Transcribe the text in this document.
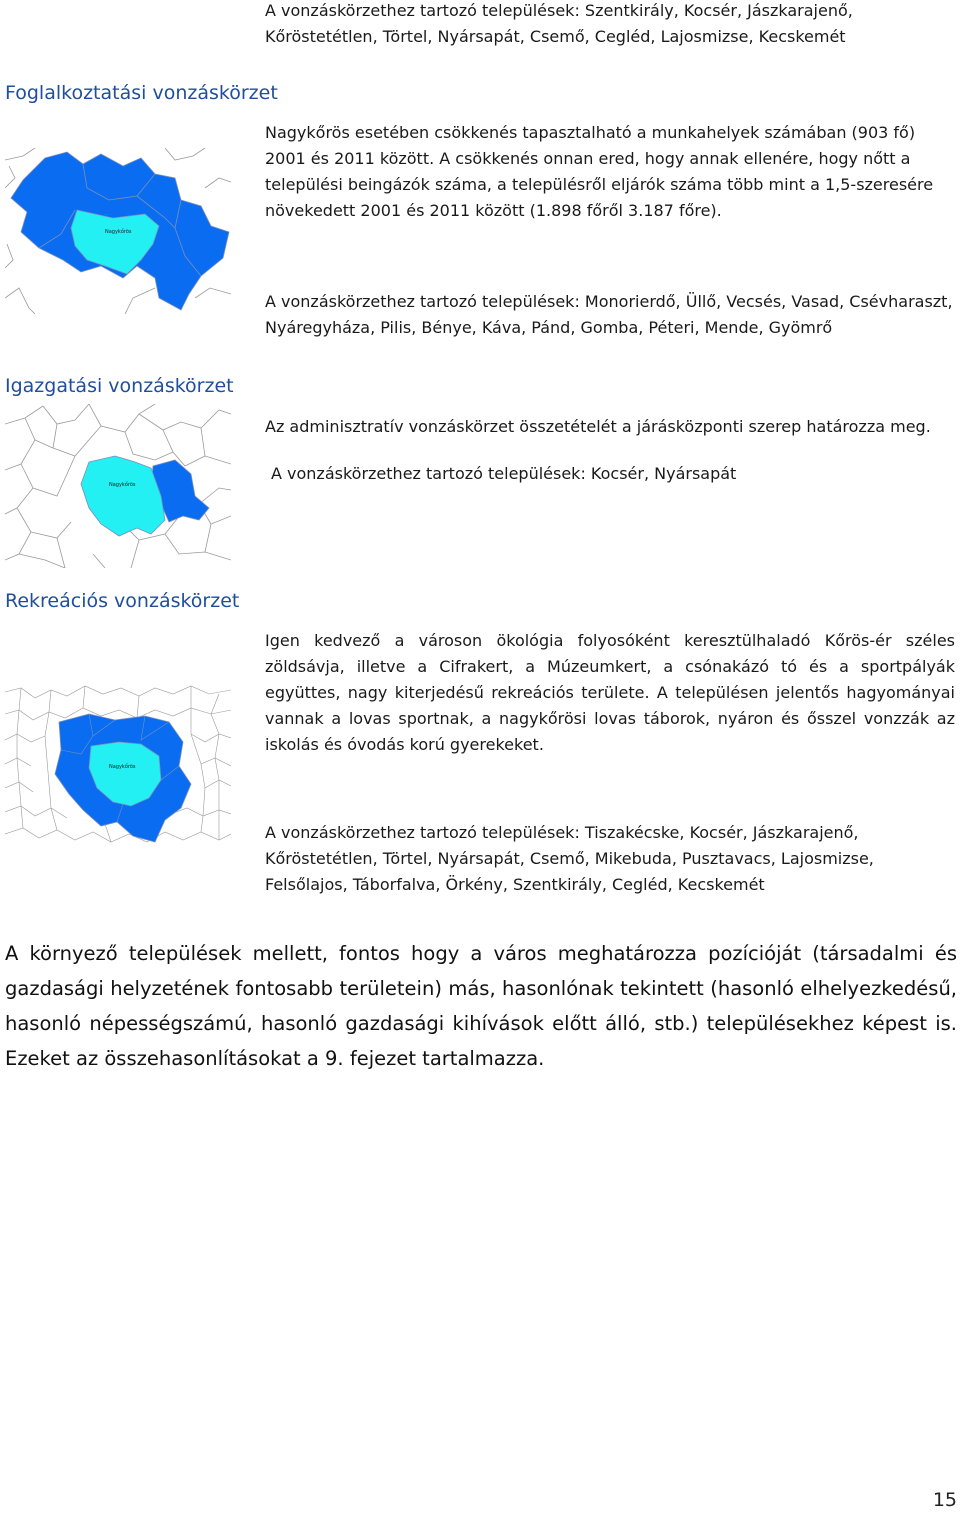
A vonzáskörzethez tartozó települések: Szentkirály, Kocsér, Jászkarajenő, Kőröstetétlen, Törtel, Nyársapát, Csemő, Cegléd, Lajosmizse, Kecskemét
Foglalkoztatási vonzáskörzet
Nagykőrös
Nagykőrös esetében csökkenés tapasztalható a munkahelyek számában (903 fő) 2001 és 2011 között. A csökkenés onnan ered, hogy annak ellenére, hogy nőtt a települési beingázók száma, a településről eljárók száma több mint a 1,5-szeresére növekedett 2001 és 2011 között (1.898 főről 3.187 főre).
A vonzáskörzethez tartozó települések: Monorierdő, Üllő, Vecsés, Vasad, Csévharaszt, Nyáregyháza, Pilis, Bénye, Káva, Pánd, Gomba, Péteri, Mende, Gyömrő
Igazgatási vonzáskörzet
Nagykőrös
Az adminisztratív vonzáskörzet összetételét a járásközponti szerep határozza meg.
A vonzáskörzethez tartozó települések: Kocsér, Nyársapát
Rekreációs vonzáskörzet
Nagykőrös
Igen kedvező a városon ökológia folyosóként keresztülhaladó Kőrös-ér széles zöldsávja, illetve a Cifrakert, a Múzeumkert, a csónakázó tó és a sportpályák együttes, nagy kiterjedésű rekreációs területe. A településen jelentős hagyományai vannak a lovas sportnak, a nagykőrösi lovas táborok, nyáron és ősszel vonzzák az iskolás és óvodás korú gyerekeket.
A vonzáskörzethez tartozó települések: Tiszakécske, Kocsér, Jászkarajenő, Kőröstetétlen, Törtel, Nyársapát, Csemő, Mikebuda, Pusztavacs, Lajosmizse, Felsőlajos, Táborfalva, Örkény, Szentkirály, Cegléd, Kecskemét
A környező települések mellett, fontos hogy a város meghatározza pozícióját (társadalmi és gazdasági helyzetének fontosabb területein) más, hasonlónak tekintett (hasonló elhelyezkedésű, hasonló népességszámú, hasonló gazdasági kihívások előtt álló, stb.) településekhez képest is. Ezeket az összehasonlításokat a 9. fejezet tartalmazza.
15
